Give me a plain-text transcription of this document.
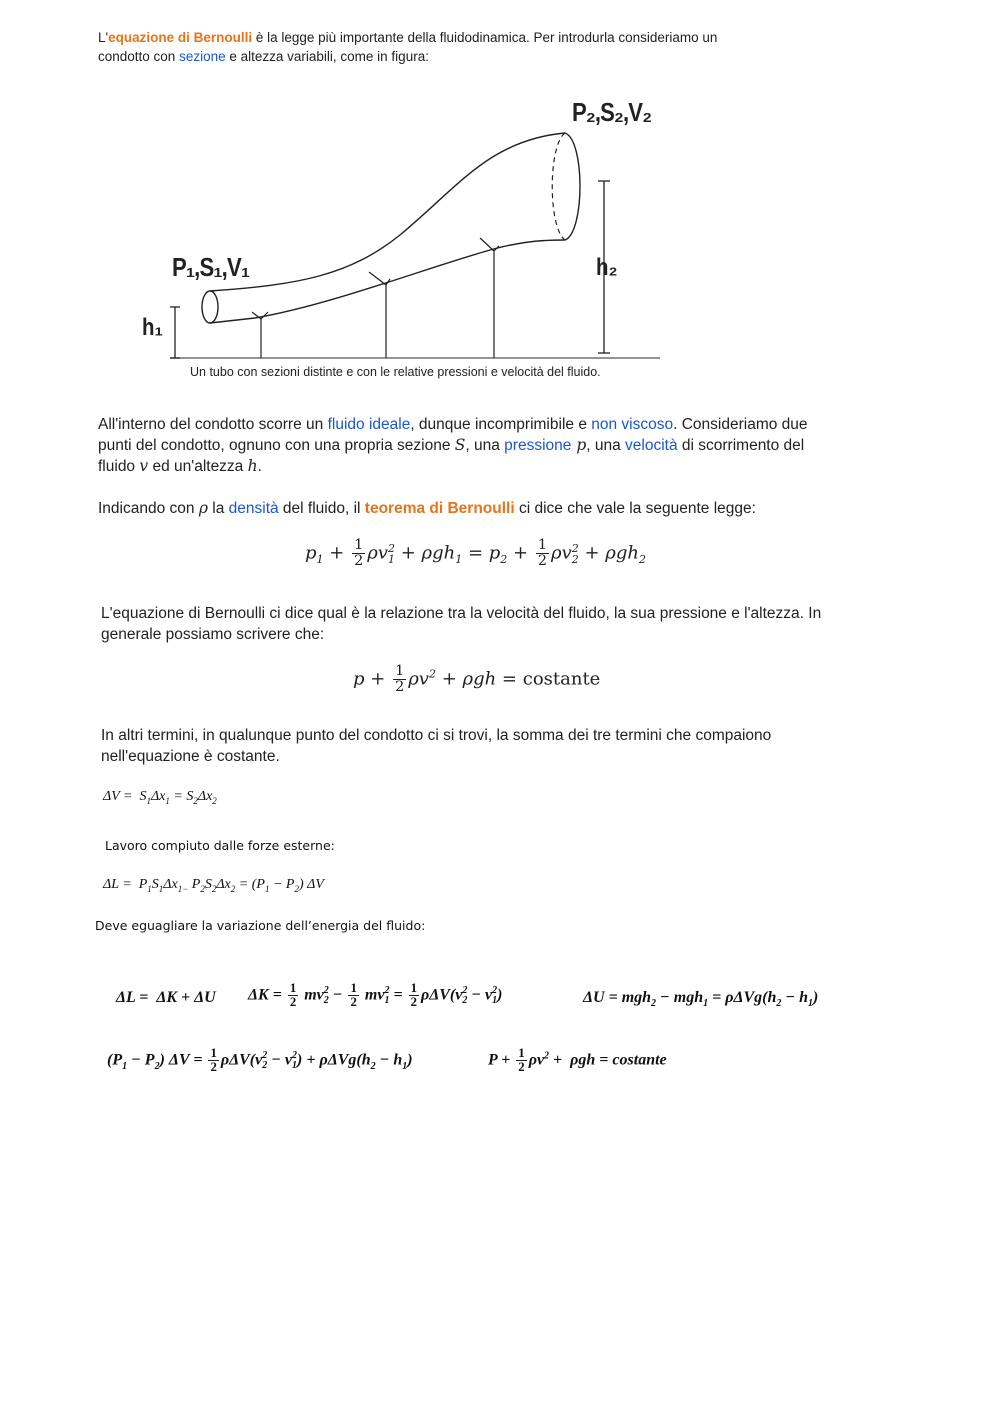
L'equazione di Bernoulli è la legge più importante della fluidodinamica. Per introdurla consideriamo un
condotto con sezione e altezza variabili, come in figura:
P₂,S₂,V₂
P₁,S₁,V₁	h₂
h₁
Un tubo con sezioni distinte e con le relative pressioni e velocità del fluido.
All'interno del condotto scorre un fluido ideale, dunque incomprimibile e non viscoso. Consideriamo due
punti del condotto, ognuno con una propria sezione S, una pressione p, una velocità di scorrimento del
fluido v ed un'altezza h.
Indicando con ρ la densità del fluido, il teorema di Bernoulli ci dice che vale la seguente legge:
$p_1 + \frac{1}{2}$ ρv 2
$1 + \rho gh_1 = p_2 + \frac{1}{2}$ ρv 2
2 + ρgh$_2$
L'equazione di Bernoulli ci dice qual è la relazione tra la velocità del fluido, la sua pressione e l'altezza. In
generale possiamo scrivere che:
$p + \frac{1}{2} \rho v^2 + \rho gh$ = costante
In altri termini, in qualunque punto del condotto ci si trovi, la somma dei tre termini che compaiono
nell'equazione è costante.
$\Delta V = S_1\Delta x_1 = S_2\Delta x_2$
Lavoro compiuto dalle forze esterne:
$\Delta L = P_1S_1\Delta x_{1-}$ $P_2S_2\Delta x_2 = (P_1 - P_2)$ ΔV
Deve eguagliare la variazione dell’energia del fluido:
ΔL =  ΔK + ΔU $\Delta K = \frac{1}{2}$ mv 2
$2 - \frac{1}{2}$ mv 2
$1 = \frac{1}{2} \rho\Delta V(v$ 2
2 − v 2
1 )	$\Delta U = mgh_2 - mgh_1 = \rho\Delta Vg(h_2 - h_1)$
$(P_1 - P_2) \Delta V = \frac{1}{2} \rho\Delta V(v$ 2
2 − v 2
1 ) + $\rho\Delta Vg(h_2 - h_1)$	$P + \frac{1}{2} \rho v^2 + \rho gh$ = costante
